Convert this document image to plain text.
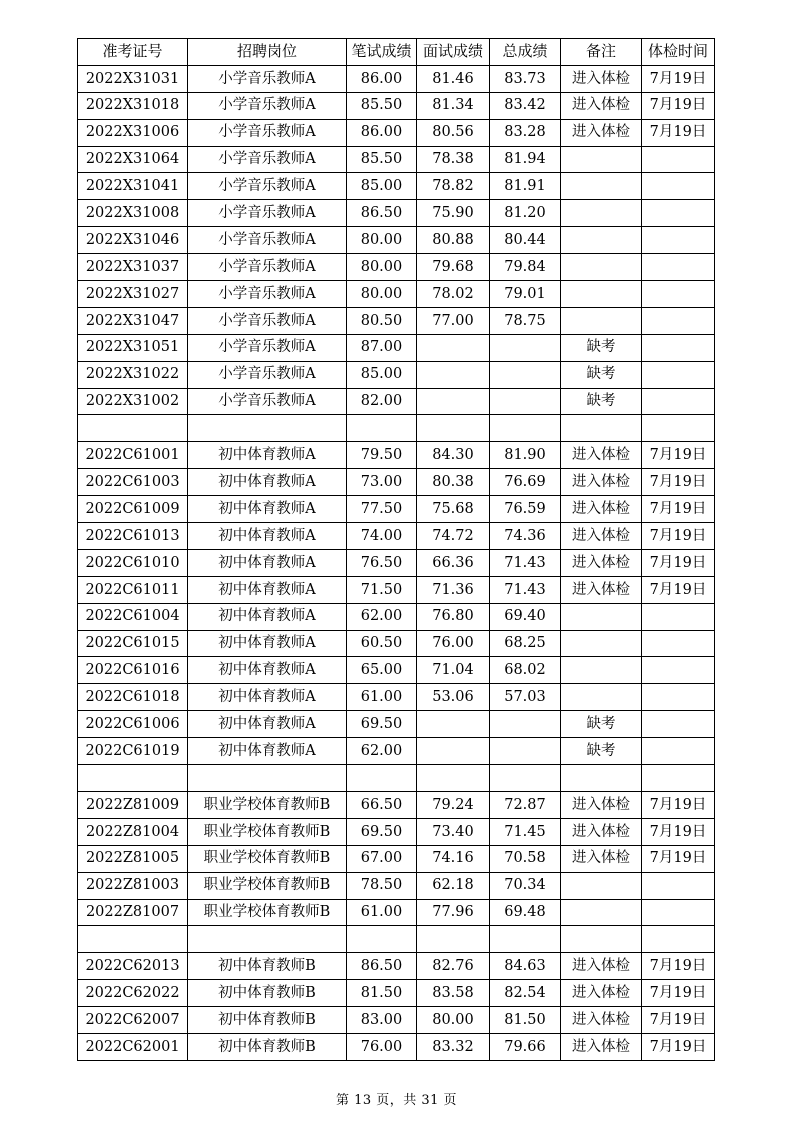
准考证号	招聘岗位	笔试成绩	面试成绩	总成绩	备注	体检时间
2022X31031	小学音乐教师A	86.00	81.46	83.73	进入体检	7月19日
2022X31018	小学音乐教师A	85.50	81.34	83.42	进入体检	7月19日
2022X31006	小学音乐教师A	86.00	80.56	83.28	进入体检	7月19日
2022X31064	小学音乐教师A	85.50	78.38	81.94		
2022X31041	小学音乐教师A	85.00	78.82	81.91		
2022X31008	小学音乐教师A	86.50	75.90	81.20		
2022X31046	小学音乐教师A	80.00	80.88	80.44		
2022X31037	小学音乐教师A	80.00	79.68	79.84		
2022X31027	小学音乐教师A	80.00	78.02	79.01		
2022X31047	小学音乐教师A	80.50	77.00	78.75		
2022X31051	小学音乐教师A	87.00			缺考	
2022X31022	小学音乐教师A	85.00			缺考	
2022X31002	小学音乐教师A	82.00			缺考	

2022C61001	初中体育教师A	79.50	84.30	81.90	进入体检	7月19日
2022C61003	初中体育教师A	73.00	80.38	76.69	进入体检	7月19日
2022C61009	初中体育教师A	77.50	75.68	76.59	进入体检	7月19日
2022C61013	初中体育教师A	74.00	74.72	74.36	进入体检	7月19日
2022C61010	初中体育教师A	76.50	66.36	71.43	进入体检	7月19日
2022C61011	初中体育教师A	71.50	71.36	71.43	进入体检	7月19日
2022C61004	初中体育教师A	62.00	76.80	69.40		
2022C61015	初中体育教师A	60.50	76.00	68.25		
2022C61016	初中体育教师A	65.00	71.04	68.02		
2022C61018	初中体育教师A	61.00	53.06	57.03		
2022C61006	初中体育教师A	69.50			缺考	
2022C61019	初中体育教师A	62.00			缺考	

2022Z81009	职业学校体育教师B	66.50	79.24	72.87	进入体检	7月19日
2022Z81004	职业学校体育教师B	69.50	73.40	71.45	进入体检	7月19日
2022Z81005	职业学校体育教师B	67.00	74.16	70.58	进入体检	7月19日
2022Z81003	职业学校体育教师B	78.50	62.18	70.34		
2022Z81007	职业学校体育教师B	61.00	77.96	69.48		

2022C62013	初中体育教师B	86.50	82.76	84.63	进入体检	7月19日
2022C62022	初中体育教师B	81.50	83.58	82.54	进入体检	7月19日
2022C62007	初中体育教师B	83.00	80.00	81.50	进入体检	7月19日
2022C62001	初中体育教师B	76.00	83.32	79.66	进入体检	7月19日
第 13 页，共 31 页
